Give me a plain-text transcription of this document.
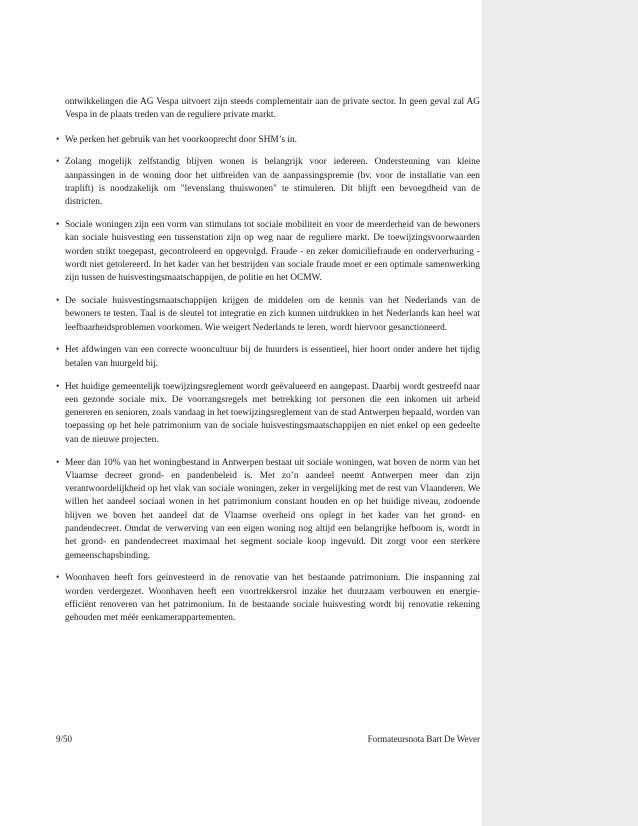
ontwikkelingen die AG Vespa uitvoert zijn steeds complementair aan de private sector. In geen geval zal AG Vespa in de plaats treden van de reguliere private markt.

• We perken het gebruik van het voorkooprecht door SHM’s in.

• Zolang mogelijk zelfstandig blijven wonen is belangrijk voor iedereen. Ondersteuning van kleine aanpassingen in de woning door het uitbreiden van de aanpassingspremie (bv. voor de installatie van een traplift) is noodzakelijk om "levenslang thuiswonen" te stimuleren. Dit blijft een bevoegdheid van de districten.

• Sociale woningen zijn een vorm van stimulans tot sociale mobiliteit en voor de meerderheid van de bewoners kan sociale huisvesting een tussenstation zijn op weg naar de reguliere markt. De toewijzingsvoorwaarden worden strikt toegepast, gecontroleerd en opgevolgd. Fraude - en zeker domiciliefraude en onderverhuring - wordt niet getolereerd. In het kader van het bestrijden van sociale fraude moet er een optimale samenwerking zijn tussen de huisvestingsmaatschappijen, de politie en het OCMW.

• De sociale huisvestingsmaatschappijen krijgen de middelen om de kennis van het Nederlands van de bewoners te testen. Taal is de sleutel tot integratie en zich kunnen uitdrukken in het Nederlands kan heel wat leefbaarheidsproblemen voorkomen. Wie weigert Nederlands te leren, wordt hiervoor gesanctioneerd.

• Het afdwingen van een correcte wooncultuur bij de huurders is essentieel, hier hoort onder andere het tijdig betalen van huurgeld bij.

• Het huidige gemeentelijk toewijzingsreglement wordt geëvalueerd en aangepast. Daarbij wordt gestreefd naar een gezonde sociale mix. De voorrangsregels met betrekking tot personen die een inkomen uit arbeid genereren en senioren, zoals vandaag in het toewijzingsreglement van de stad Antwerpen bepaald, worden van toepassing op het hele patrimonium van de sociale huisvestingsmaatschappijen en niet enkel op een gedeelte van de nieuwe projecten.

• Meer dan 10% van het woningbestand in Antwerpen bestaat uit sociale woningen, wat boven de norm van het Vlaamse decreet grond- en pandenbeleid is. Met zo’n aandeel neemt Antwerpen meer dan zijn verantwoordelijkheid op het vlak van sociale woningen, zeker in vergelijking met de rest van Vlaanderen. We willen het aandeel sociaal wonen in het patrimonium constant houden en op het huidige niveau, zodoende blijven we boven het aandeel dat de Vlaamse overheid ons oplegt in het kader van het grond- en pandendecreet. Omdat de verwerving van een eigen woning nog altijd een belangrijke hefboom is, wordt in het grond- en pandendecreet maximaal het segment sociale koop ingevuld. Dit zorgt voor een sterkere gemeenschapsbinding.

• Woonhaven heeft fors geïnvesteerd in de renovatie van het bestaande patrimonium. Die inspanning zal worden verdergezet. Woonhaven heeft een voortrekkersrol inzake het duurzaam verbouwen en energie-efficiënt renoveren van het patrimonium. In de bestaande sociale huisvesting wordt bij renovatie rekening gehouden met méér eenkamerappartementen.

9/50	Formateursnota Bart De Wever
